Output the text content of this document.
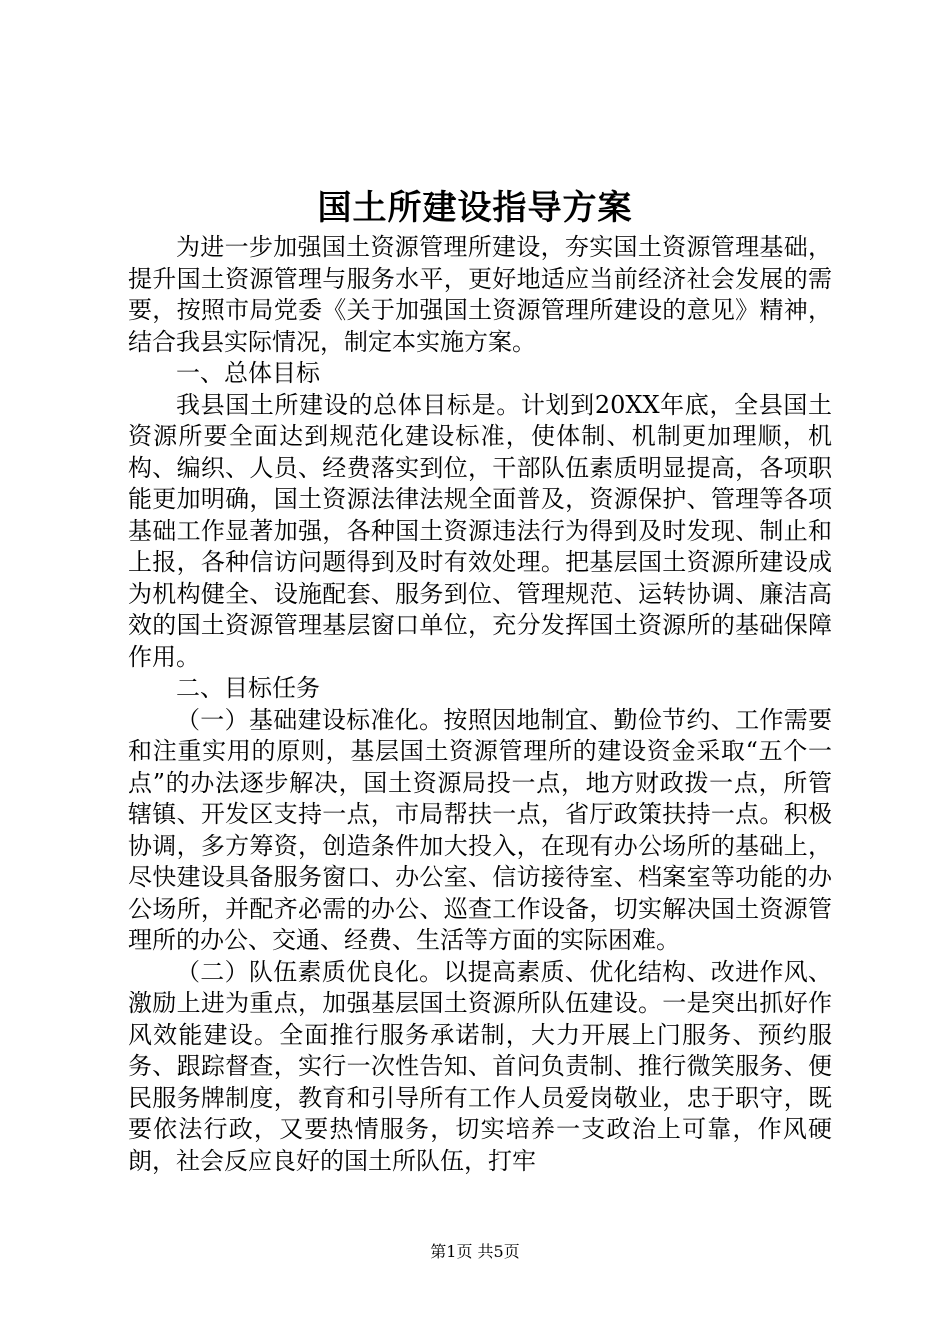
国土所建设指导方案

为进一步加强国土资源管理所建设，夯实国土资源管理基础，提升国土资源管理与服务水平，更好地适应当前经济社会发展的需要，按照市局党委《关于加强国土资源管理所建设的意见》精神，结合我县实际情况，制定本实施方案。

一、总体目标

我县国土所建设的总体目标是。计划到20XX年底，全县国土资源所要全面达到规范化建设标准，使体制、机制更加理顺，机构、编织、人员、经费落实到位，干部队伍素质明显提高，各项职能更加明确，国土资源法律法规全面普及，资源保护、管理等各项基础工作显著加强，各种国土资源违法行为得到及时发现、制止和上报，各种信访问题得到及时有效处理。把基层国土资源所建设成为机构健全、设施配套、服务到位、管理规范、运转协调、廉洁高效的国土资源管理基层窗口单位，充分发挥国土资源所的基础保障作用。

二、目标任务

（一）基础建设标准化。按照因地制宜、勤俭节约、工作需要和注重实用的原则，基层国土资源管理所的建设资金采取“五个一点”的办法逐步解决，国土资源局投一点，地方财政拨一点，所管辖镇、开发区支持一点，市局帮扶一点，省厅政策扶持一点。积极协调，多方筹资，创造条件加大投入，在现有办公场所的基础上，尽快建设具备服务窗口、办公室、信访接待室、档案室等功能的办公场所，并配齐必需的办公、巡查工作设备，切实解决国土资源管理所的办公、交通、经费、生活等方面的实际困难。

（二）队伍素质优良化。以提高素质、优化结构、改进作风、激励上进为重点，加强基层国土资源所队伍建设。一是突出抓好作风效能建设。全面推行服务承诺制，大力开展上门服务、预约服务、跟踪督查，实行一次性告知、首问负责制、推行微笑服务、便民服务牌制度，教育和引导所有工作人员爱岗敬业，忠于职守，既要依法行政，又要热情服务，切实培养一支政治上可靠，作风硬朗，社会反应良好的国土所队伍，打牢

第1页 共5页
